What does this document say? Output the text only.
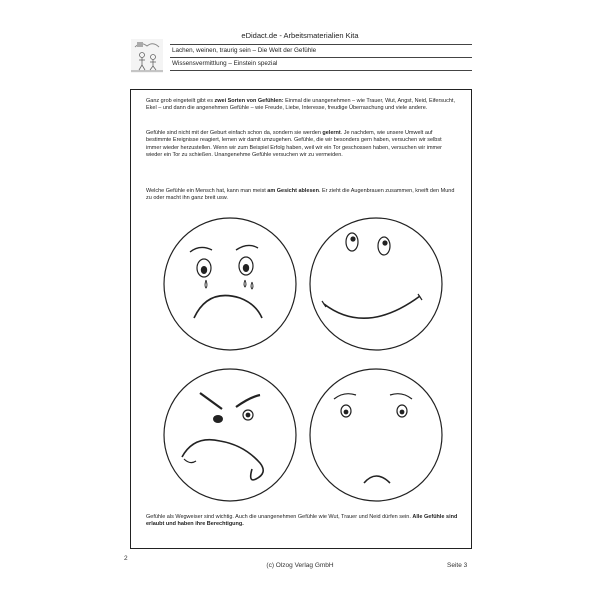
eDidact.de - Arbeitsmaterialien Kita
Lachen, weinen, traurig sein – Die Welt der Gefühle
Wissensvermittlung – Einstein spezial
Ganz grob eingeteilt gibt es zwei Sorten von Gefühlen: Einmal die unangenehmen – wie Trauer, Wut, Angst, Neid, Eifersucht, Ekel – und dann die angenehmen Gefühle – wie Freude, Liebe, Interesse, freudige Überraschung und viele andere.
Gefühle sind nicht mit der Geburt einfach schon da, sondern sie werden gelernt. Je nachdem, wie unsere Umwelt auf bestimmte Ereignisse reagiert, lernen wir damit umzugehen. Gefühle, die wir besonders gern haben, versuchen wir selbst immer wieder herzustellen. Wenn wir zum Beispiel Erfolg haben, weil wir ein Tor geschossen haben, versuchen wir immer wieder ein Tor zu schießen. Unangenehme Gefühle versuchen wir zu vermeiden.
Welche Gefühle ein Mensch hat, kann man meist am Gesicht ablesen. Er zieht die Augenbrauen zusammen, kneift den Mund zu oder macht ihn ganz breit usw.
Gefühle als Wegweiser sind wichtig. Auch die unangenehmen Gefühle wie Wut, Trauer und Neid dürfen sein. Alle Gefühle sind erlaubt und haben ihre Berechtigung.
2
(c) Olzog Verlag GmbH	Seite 3
